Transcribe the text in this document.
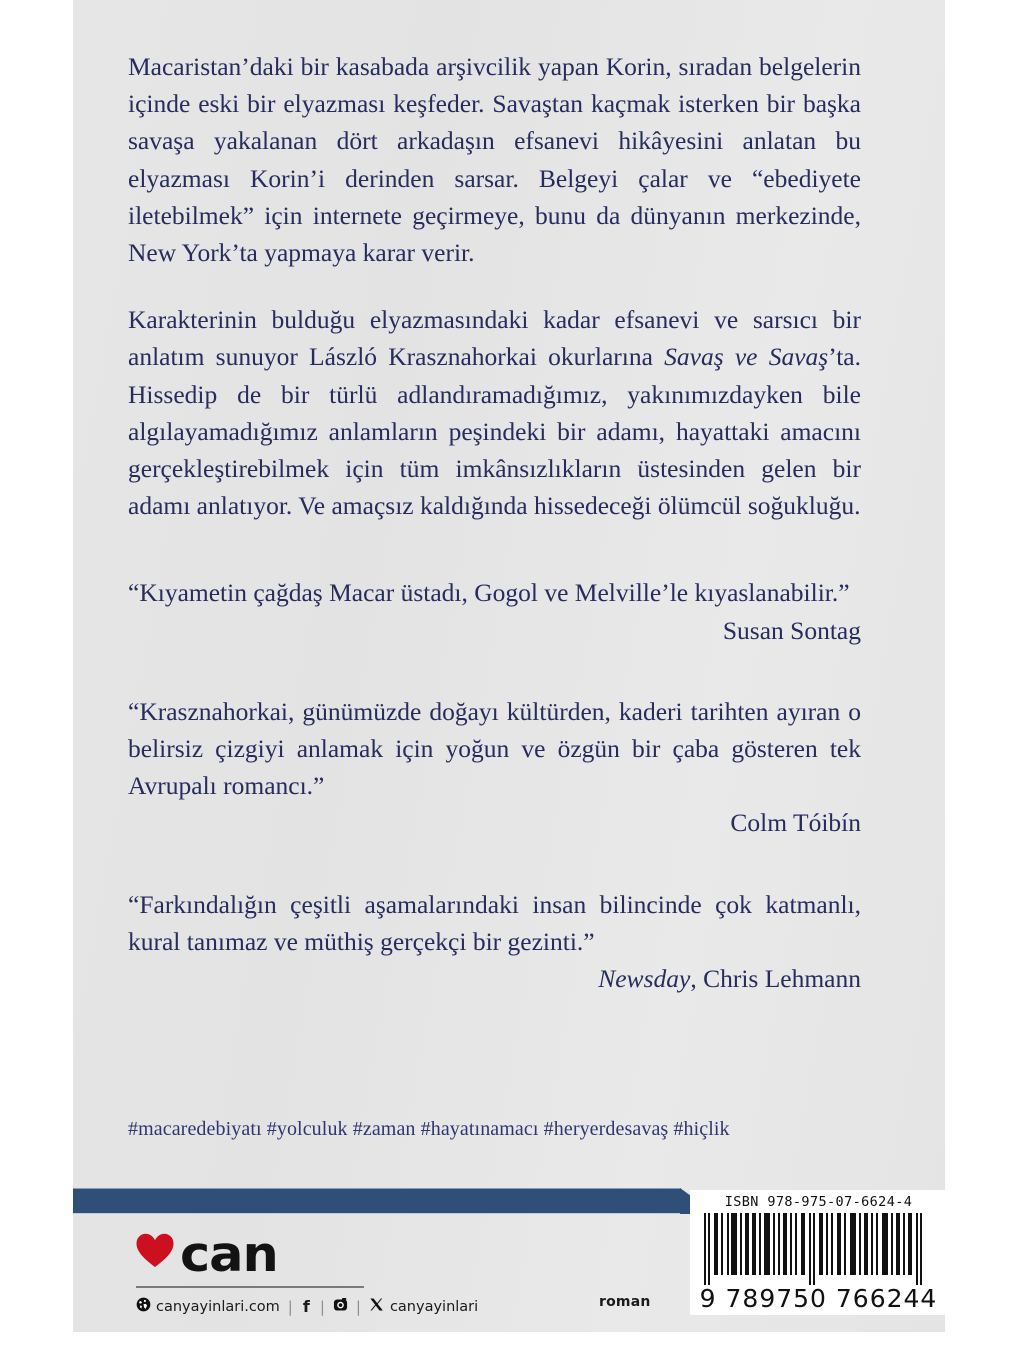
Macaristan’daki bir kasabada arşivcilik yapan Korin, sıradan belgelerin içinde eski bir elyazması keşfeder. Savaştan kaçmak isterken bir başka savaşa yakalanan dört arkadaşın efsanevi hikâyesini anlatan bu elyazması Korin’i derinden sarsar. Belgeyi çalar ve “ebediyete iletebilmek” için internete geçirmeye, bunu da dünyanın merkezinde, New York’ta yapmaya karar verir.

Karakterinin bulduğu elyazmasındaki kadar efsanevi ve sarsıcı bir anlatım sunuyor László Krasznahorkai okurlarına Savaş ve Savaş’ta. Hissedip de bir türlü adlandıramadığımız, yakınımızdayken bile algılayamadığımız anlamların peşindeki bir adamı, hayattaki amacını gerçekleştirebilmek için tüm imkânsızlıkların üstesinden gelen bir adamı anlatıyor. Ve amaçsız kaldığında hissedeceği ölümcül soğukluğu.

“Kıyametin çağdaş Macar üstadı, Gogol ve Melville’le kıyaslanabilir.”

Susan Sontag

“Krasznahorkai, günümüzde doğayı kültürden, kaderi tarihten ayıran o belirsiz çizgiyi anlamak için yoğun ve özgün bir çaba gösteren tek Avrupalı romancı.”

Colm Tóibín

“Farkındalığın çeşitli aşamalarındaki insan bilincinde çok katmanlı, kural tanımaz ve müthiş gerçekçi bir gezinti.”

Newsday, Chris Lehmann

#macaredebiyatı #yolculuk #zaman #hayatınamacı #heryerdesavaş #hiçlik
can
canyayinlari.com | f | | canyayinlari	roman
ISBN 978-975-07-6624-4
9 789750 766244
